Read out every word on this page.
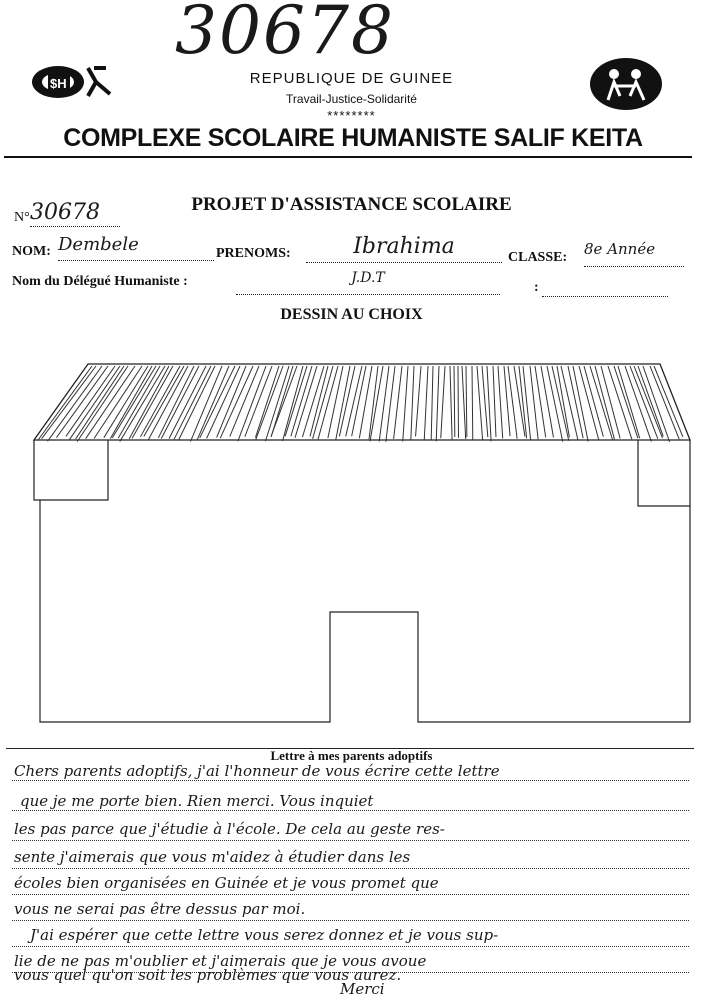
30678
$H	REPUBLIQUE DE GUINEE
Travail-Justice-Solidarité
********
COMPLEXE SCOLAIRE HUMANISTE SALIF KEITA
PROJET D'ASSISTANCE SCOLAIRE
N° 30678
NOM: Dembele	PRENOMS:	Ibrahima	CLASSE: 8e Année
Nom du Délégué Humaniste :	J.D.T
:
DESSIN AU CHOIX
Lettre à mes parents adoptifs
Chers parents adoptifs, j'ai l'honneur de vous écrire cette lettre
que je me porte bien. Rien merci. Vous inquiet
les pas parce que j'étudie à l'école. De cela au geste res-
sente j'aimerais que vous m'aidez à étudier dans les
écoles bien organisées en Guinée et je vous promet que
vous ne serai pas être dessus par moi.
J'ai espérer que cette lettre vous serez donnez et je vous sup-
lie de ne pas m'oublier et j'aimerais que je vous avoue
vous quel qu'on soit les problèmes que vous aurez.
Merci
